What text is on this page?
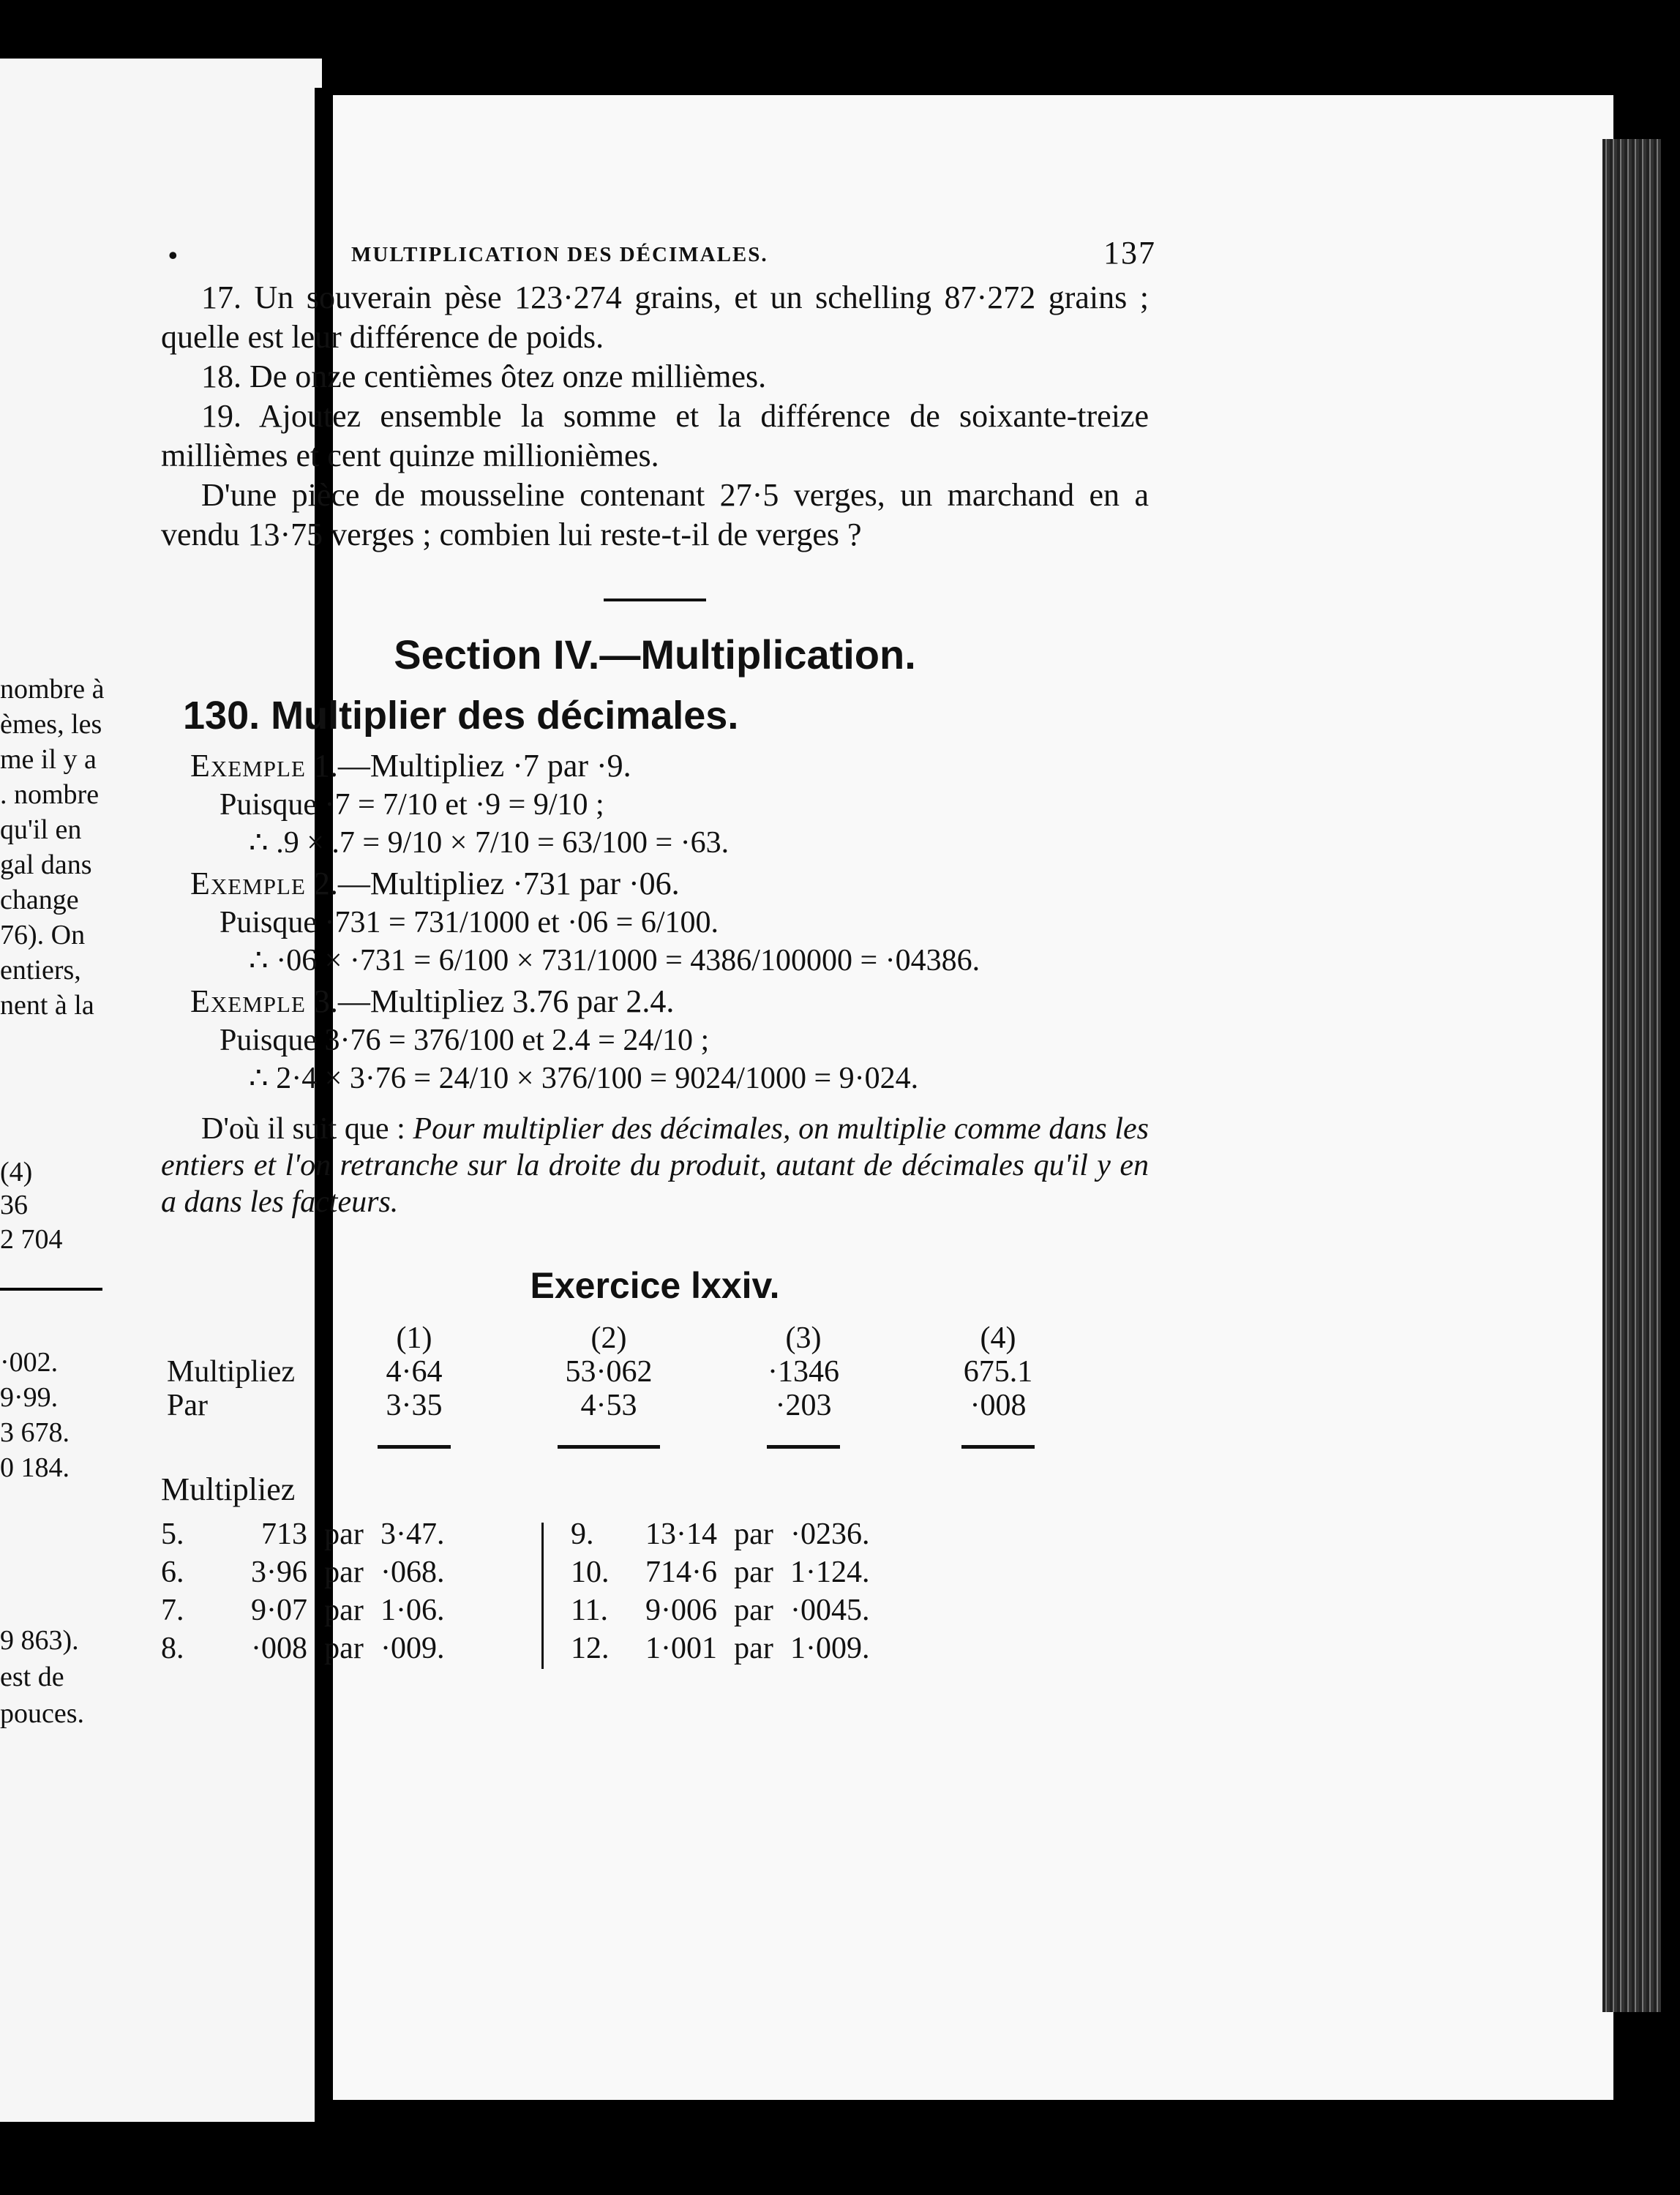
nombre à
èmes, les
me il y a
. nombre
qu'il en
gal dans
change
76). On
entiers,
nent à la
(4)
36
2 704
·002.
9·99.
3 678.
0 184.
9 863).
est de
pouces.
•	MULTIPLICATION DES DÉCIMALES.	137

17. Un souverain pèse 123·274 grains, et un schelling 87·272 grains ; quelle est leur différence de poids.

18. De onze centièmes ôtez onze millièmes.

19. Ajoutez ensemble la somme et la différence de soixante-treize millièmes et cent quinze millionièmes.

D'une pièce de mousseline contenant 27·5 verges, un marchand en a vendu 13·75 verges ; combien lui reste-t-il de verges ?

Section IV.—Multiplication.
130. Multiplier des décimales.
Exemple 1.—Multipliez ·7 par ·9.
Puisque ·7 = 7/10 et ·9 = 9/10 ;
∴ .9 × .7 = 9/10 × 7/10 = 63/100 = ·63.
Exemple 2.—Multipliez ·731 par ·06.
Puisque ·731 = 731/1000 et ·06 = 6/100.
∴ ·06 × ·731 = 6/100 × 731/1000 = 4386/100000 = ·04386.
Exemple 3.—Multipliez 3.76 par 2.4.
Puisque 3·76 = 376/100 et 2.4 = 24/10 ;
∴ 2·4 × 3·76 = 24/10 × 376/100 = 9024/1000 = 9·024.

D'où il suit que : Pour multiplier des décimales, on multiplie comme dans les entiers et l'on retranche sur la droite du produit, autant de décimales qu'il y en a dans les facteurs.

Exercice lxxiv.
	(1)	(2)	(3)	(4)
Multipliez	4·64	53·062	·1346	675.1
Par	3·35	4·53	·203	·008

Multipliez
5.	713 par 3·47.
6. 3·96 par ·068.
7. 9·07 par 1·06.
8. ·008 par ·009.
9. 13·14 par ·0236.
10. 714·6 par 1·124.
11. 9·006 par ·0045.
12. 1·001 par 1·009.
